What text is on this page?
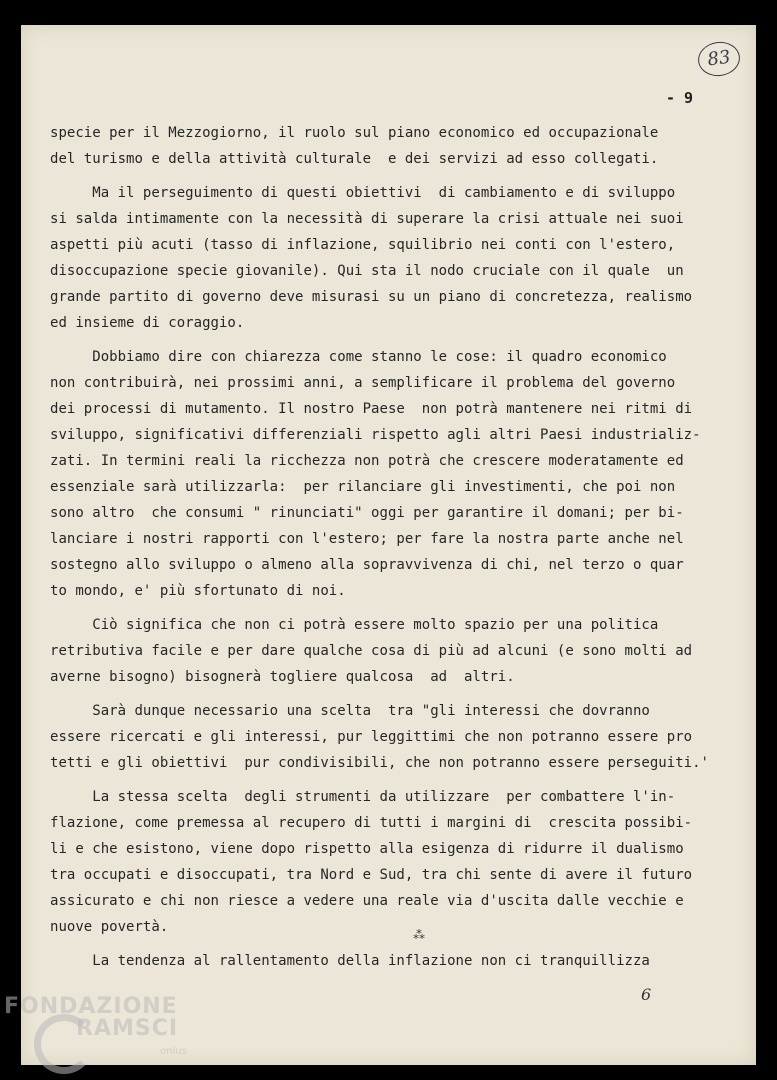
83
- 9
specie per il Mezzogiorno, il ruolo sul piano economico ed occupazionale
del turismo e della attività culturale  e dei servizi ad esso collegati.
Ma il perseguimento di questi obiettivi  di cambiamento e di sviluppo
si salda intimamente con la necessità di superare la crisi attuale nei suoi
aspetti più acuti (tasso di inflazione, squilibrio nei conti con l'estero,
disoccupazione specie giovanile). Qui sta il nodo cruciale con il quale  un
grande partito di governo deve misurasi su un piano di concretezza, realismo
ed insieme di coraggio.
Dobbiamo dire con chiarezza come stanno le cose: il quadro economico
non contribuirà, nei prossimi anni, a semplificare il problema del governo
dei processi di mutamento. Il nostro Paese  non potrà mantenere nei ritmi di
sviluppo, significativi differenziali rispetto agli altri Paesi industrializ-
zati. In termini reali la ricchezza non potrà che crescere moderatamente ed
essenziale sarà utilizzarla:  per rilanciare gli investimenti, che poi non
sono altro  che consumi " rinunciati" oggi per garantire il domani; per bi-
lanciare i nostri rapporti con l'estero; per fare la nostra parte anche nel
sostegno allo sviluppo o almeno alla sopravvivenza di chi, nel terzo o quar
to mondo, e' più sfortunato di noi.
Ciò significa che non ci potrà essere molto spazio per una politica
retributiva facile e per dare qualche cosa di più ad alcuni (e sono molti ad
averne bisogno) bisognerà togliere qualcosa  ad  altri.
Sarà dunque necessario una scelta  tra "gli interessi che dovranno
essere ricercati e gli interessi, pur leggittimi che non potranno essere pro
tetti e gli obiettivi  pur condivisibili, che non potranno essere perseguiti.'
La stessa scelta  degli strumenti da utilizzare  per combattere l'in-
flazione, come premessa al recupero di tutti i margini di  crescita possibi-
li e che esistono, viene dopo rispetto alla esigenza di ridurre il dualismo
tra occupati e disoccupati, tra Nord e Sud, tra chi sente di avere il futuro
assicurato e chi non riesce a vedere una reale via d'uscita dalle vecchie e
nuove povertà.
La tendenza al rallentamento della inflazione non ci tranquillizza
⁂
6
FONDAZIONE
RAMSCI
onlus
